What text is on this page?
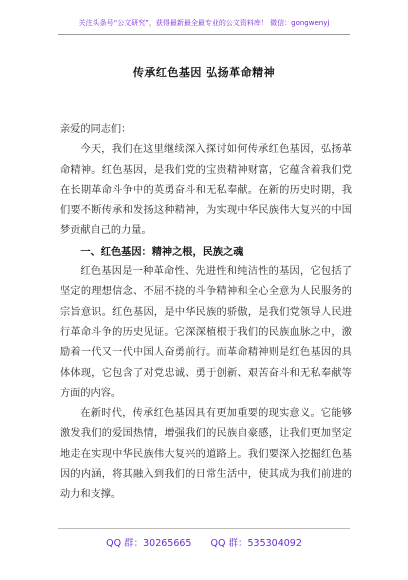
关注头条号“公文研究”，获得最新最全最专业的公文资料库！ 微信：gongwenyj
传承红色基因 弘扬革命精神

亲爱的同志们：

今天，我们在这里继续深入探讨如何传承红色基因，弘扬革命精神。红色基因，是我们党的宝贵精神财富，它蕴含着我们党在长期革命斗争中的英勇奋斗和无私奉献。在新的历史时期，我们要不断传承和发扬这种精神，为实现中华民族伟大复兴的中国梦贡献自己的力量。

一、红色基因：精神之根，民族之魂

红色基因是一种革命性、先进性和纯洁性的基因，它包括了坚定的理想信念、不屈不挠的斗争精神和全心全意为人民服务的宗旨意识。红色基因，是中华民族的骄傲，是我们党领导人民进行革命斗争的历史见证。它深深植根于我们的民族血脉之中，激励着一代又一代中国人奋勇前行。而革命精神则是红色基因的具体体现，它包含了对党忠诚、勇于创新、艰苦奋斗和无私奉献等方面的内容。

在新时代，传承红色基因具有更加重要的现实意义。它能够激发我们的爱国热情，增强我们的民族自豪感，让我们更加坚定地走在实现中华民族伟大复兴的道路上。我们要深入挖掘红色基因的内涵，将其融入到我们的日常生活中，使其成为我们前进的动力和支撑。

QQ 群：30265665 QQ 群：535304092
